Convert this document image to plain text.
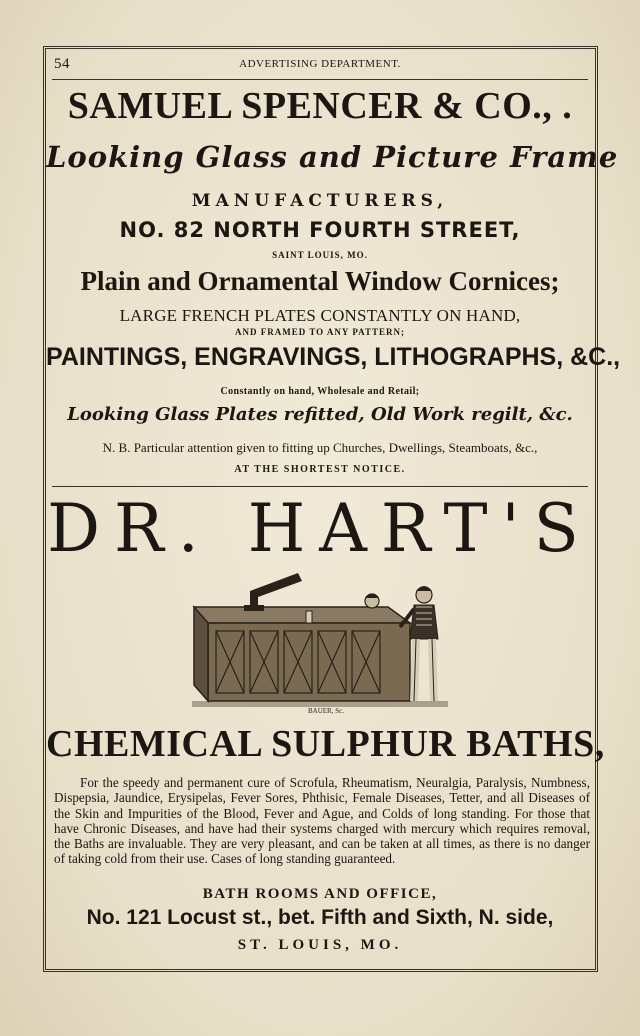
54	ADVERTISING DEPARTMENT.
SAMUEL SPENCER & CO., .
Looking Glass and Picture Frame
MANUFACTURERS,
NO. 82 NORTH FOURTH STREET,
SAINT LOUIS, MO.
Plain and Ornamental Window Cornices;
LARGE FRENCH PLATES CONSTANTLY ON HAND,
AND FRAMED TO ANY PATTERN;
PAINTINGS, ENGRAVINGS, LITHOGRAPHS, &C.,
Constantly on hand, Wholesale and Retail;
Looking Glass Plates refitted, Old Work regilt, &c.
N. B. Particular attention given to fitting up Churches, Dwellings, Steamboats, &c.,
AT THE SHORTEST NOTICE.
DR. HART'S
BAUER, Sc.
CHEMICAL SULPHUR BATHS,
For the speedy and permanent cure of Scrofula, Rheumatism, Neuralgia, Paralysis, Numbness, Dispepsia, Jaundice, Erysipelas, Fever Sores, Phthisic, Female Diseases, Tetter, and all Diseases of the Skin and Impurities of the Blood, Fever and Ague, and Colds of long standing. For those that have Chronic Diseases, and have had their systems charged with mercury which requires removal, the Baths are invaluable. They are very pleasant, and can be taken at all times, as there is no danger of taking cold from their use. Cases of long standing guaranteed.
BATH ROOMS AND OFFICE,
No. 121 Locust st., bet. Fifth and Sixth, N. side,
ST. LOUIS, MO.
